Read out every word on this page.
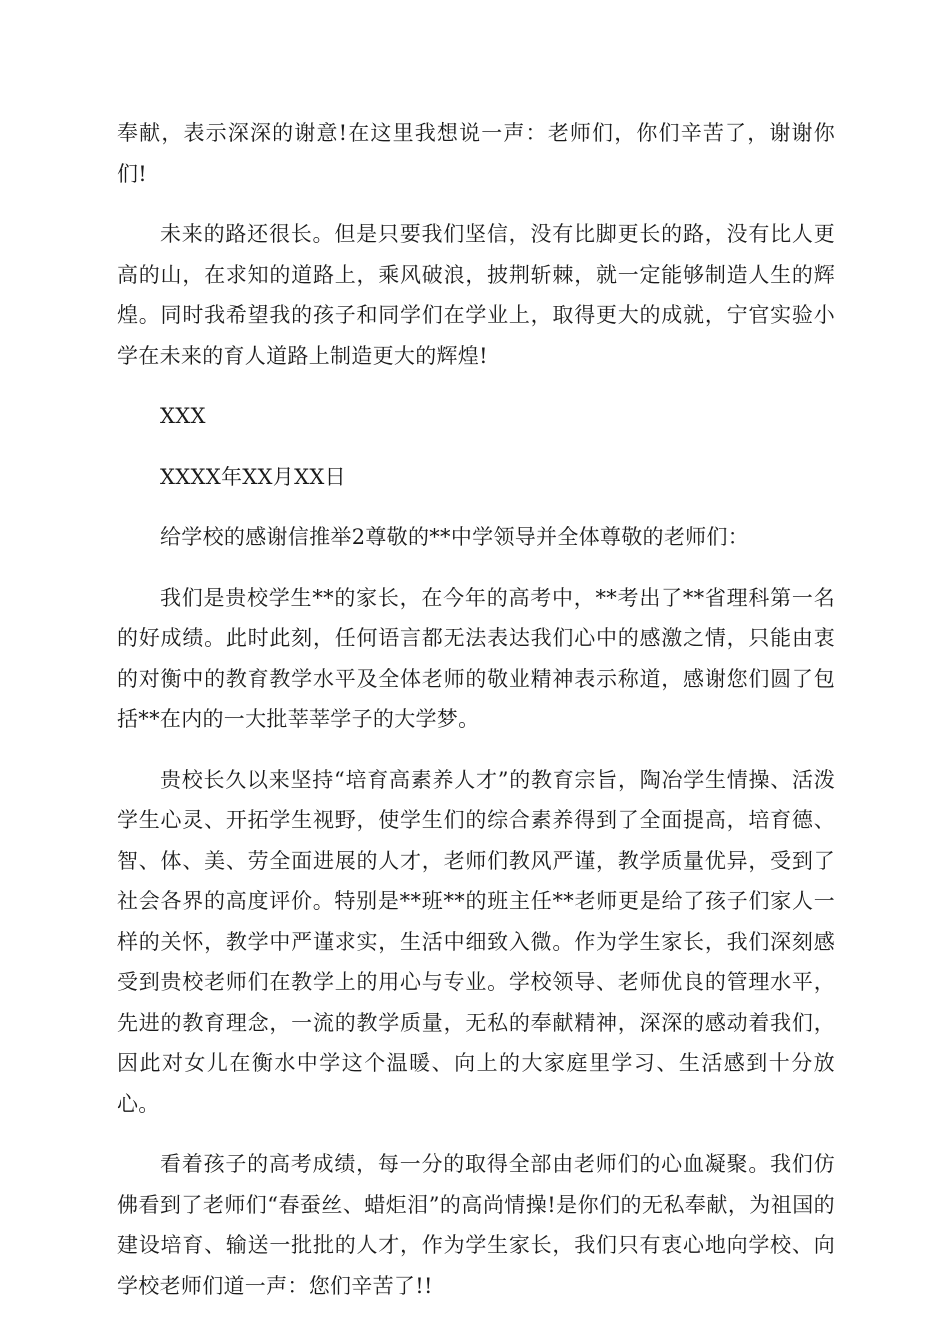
奉献，表示深深的谢意!在这里我想说一声：老师们，你们辛苦了，谢谢你们!

未来的路还很长。但是只要我们坚信，没有比脚更长的路，没有比人更高的山，在求知的道路上，乘风破浪，披荆斩棘，就一定能够制造人生的辉煌。同时我希望我的孩子和同学们在学业上，取得更大的成就，宁官实验小学在未来的育人道路上制造更大的辉煌!

XXX

XXXX年XX月XX日

给学校的感谢信推举2尊敬的**中学领导并全体尊敬的老师们：

我们是贵校学生**的家长，在今年的高考中，**考出了**省理科第一名的好成绩。此时此刻，任何语言都无法表达我们心中的感激之情，只能由衷的对衡中的教育教学水平及全体老师的敬业精神表示称道，感谢您们圆了包括**在内的一大批莘莘学子的大学梦。

贵校长久以来坚持“培育高素养人才”的教育宗旨，陶冶学生情操、活泼学生心灵、开拓学生视野，使学生们的综合素养得到了全面提高，培育德、智、体、美、劳全面进展的人才，老师们教风严谨，教学质量优异，受到了社会各界的高度评价。特别是**班**的班主任**老师更是给了孩子们家人一样的关怀，教学中严谨求实，生活中细致入微。作为学生家长，我们深刻感受到贵校老师们在教学上的用心与专业。学校领导、老师优良的管理水平，先进的教育理念，一流的教学质量，无私的奉献精神，深深的感动着我们，因此对女儿在衡水中学这个温暖、向上的大家庭里学习、生活感到十分放心。

看着孩子的高考成绩，每一分的取得全部由老师们的心血凝聚。我们仿佛看到了老师们“春蚕丝、蜡炬泪”的高尚情操!是你们的无私奉献，为祖国的建设培育、输送一批批的人才，作为学生家长，我们只有衷心地向学校、向学校老师们道一声：您们辛苦了!!
